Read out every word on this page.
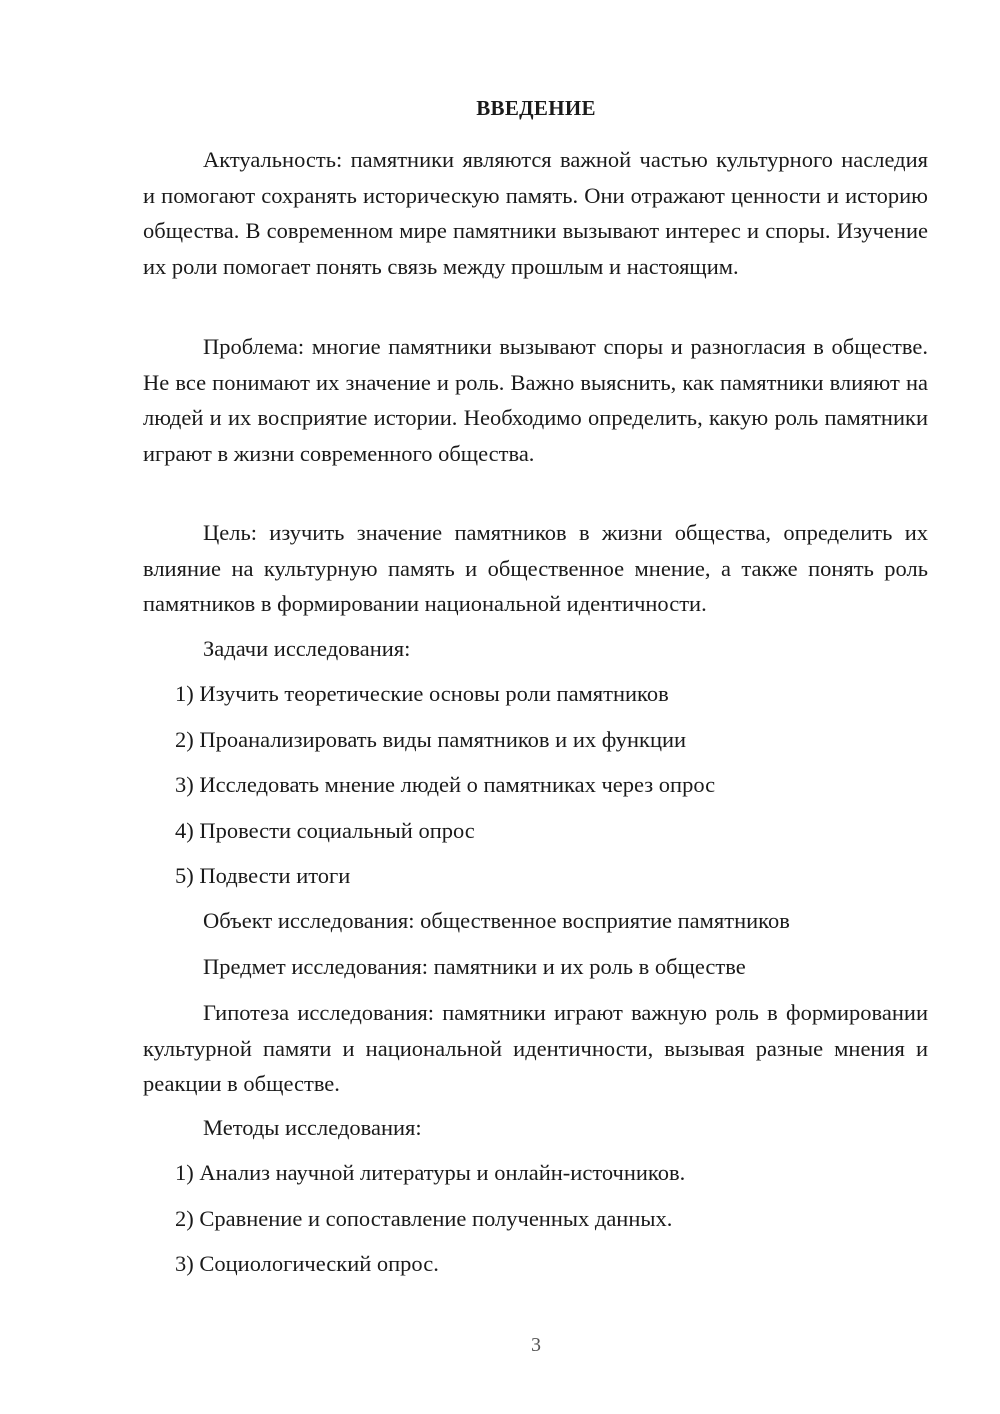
ВВЕДЕНИЕ

Актуальность: памятники являются важной частью культурного наследия и помогают сохранять историческую память. Они отражают ценности и историю общества. В современном мире памятники вызывают интерес и споры. Изучение их роли помогает понять связь между прошлым и настоящим.

Проблема: многие памятники вызывают споры и разногласия в обществе. Не все понимают их значение и роль. Важно выяснить, как памятники влияют на людей и их восприятие истории. Необходимо определить, какую роль памятники играют в жизни современного общества.

Цель: изучить значение памятников в жизни общества, определить их влияние на культурную память и общественное мнение, а также понять роль памятников в формировании национальной идентичности.

Задачи исследования:

1) Изучить теоретические основы роли памятников

2) Проанализировать виды памятников и их функции

3) Исследовать мнение людей о памятниках через опрос

4) Провести социальный опрос

5) Подвести итоги

Объект исследования: общественное восприятие памятников

Предмет исследования: памятники и их роль в обществе

Гипотеза исследования: памятники играют важную роль в формировании культурной памяти и национальной идентичности, вызывая разные мнения и реакции в обществе.

Методы исследования:

1) Анализ научной литературы и онлайн-источников.

2) Сравнение и сопоставление полученных данных.

3) Социологический опрос.

3
